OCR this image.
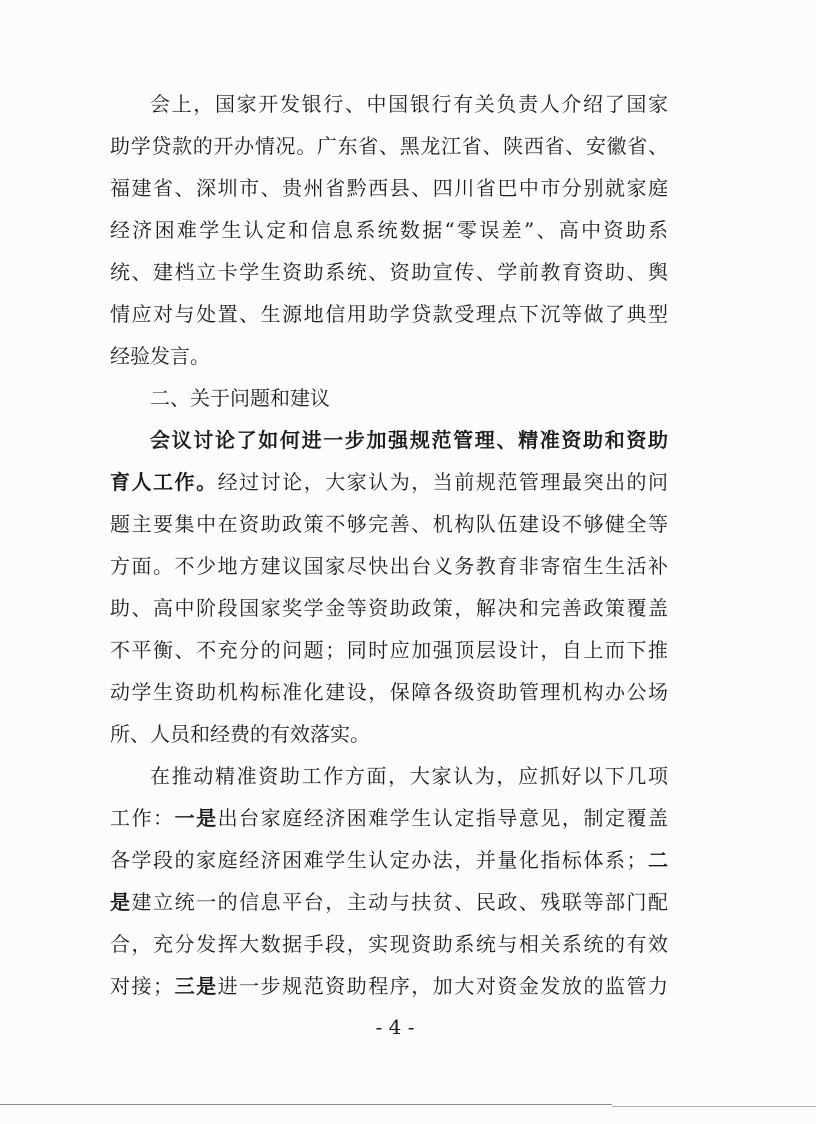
会上，国家开发银行、中国银行有关负责人介绍了国家
助学贷款的开办情况。广东省、黑龙江省、陕西省、安徽省、
福建省、深圳市、贵州省黔西县、四川省巴中市分别就家庭
经济困难学生认定和信息系统数据“零误差”、高中资助系
统、建档立卡学生资助系统、资助宣传、学前教育资助、舆
情应对与处置、生源地信用助学贷款受理点下沉等做了典型
经验发言。
二、关于问题和建议
会议讨论了如何进一步加强规范管理、精准资助和资助
育人工作。经过讨论，大家认为，当前规范管理最突出的问
题主要集中在资助政策不够完善、机构队伍建设不够健全等
方面。不少地方建议国家尽快出台义务教育非寄宿生生活补
助、高中阶段国家奖学金等资助政策，解决和完善政策覆盖
不平衡、不充分的问题；同时应加强顶层设计，自上而下推
动学生资助机构标准化建设，保障各级资助管理机构办公场
所、人员和经费的有效落实。
在推动精准资助工作方面，大家认为，应抓好以下几项
工作：一是出台家庭经济困难学生认定指导意见，制定覆盖
各学段的家庭经济困难学生认定办法，并量化指标体系；二
是建立统一的信息平台，主动与扶贫、民政、残联等部门配
合，充分发挥大数据手段，实现资助系统与相关系统的有效
对接；三是进一步规范资助程序，加大对资金发放的监管力
- 4 -
